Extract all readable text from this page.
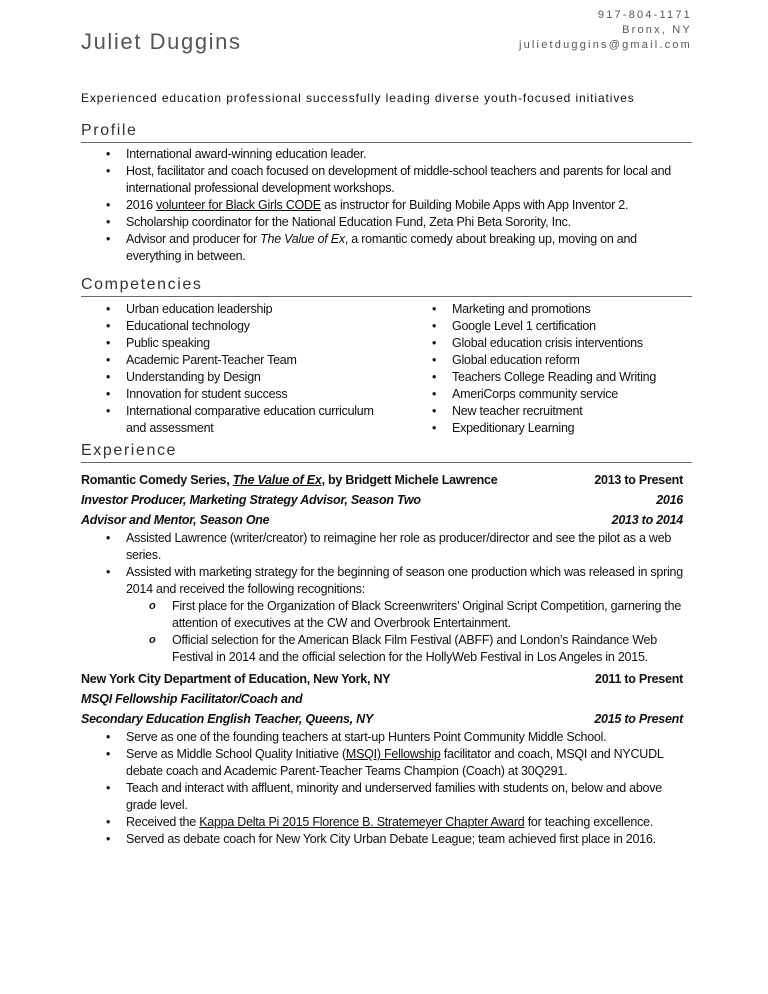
917-804-1171
Bronx, NY
julietduggins@gmail.com
Juliet Duggins
Experienced education professional successfully leading diverse youth-focused initiatives
Profile
• International award-winning education leader.
• Host, facilitator and coach focused on development of middle-school teachers and parents for local and international professional development workshops.
• 2016 volunteer for Black Girls CODE as instructor for Building Mobile Apps with App Inventor 2.
• Scholarship coordinator for the National Education Fund, Zeta Phi Beta Sorority, Inc.
• Advisor and producer for The Value of Ex, a romantic comedy about breaking up, moving on and everything in between.
Competencies
• Urban education leadership
• Educational technology
• Public speaking
• Academic Parent-Teacher Team
• Understanding by Design
• Innovation for student success
• International comparative education curriculum and assessment
• Marketing and promotions
• Google Level 1 certification
• Global education crisis interventions
• Global education reform
• Teachers College Reading and Writing
• AmeriCorps community service
• New teacher recruitment
• Expeditionary Learning
Experience
Romantic Comedy Series, The Value of Ex, by Bridgett Michele Lawrence	2013 to Present
Investor Producer, Marketing Strategy Advisor, Season Two	2016
Advisor and Mentor, Season One	2013 to 2014
• Assisted Lawrence (writer/creator) to reimagine her role as producer/director and see the pilot as a web series.
• Assisted with marketing strategy for the beginning of season one production which was released in spring 2014 and received the following recognitions:
o First place for the Organization of Black Screenwriters’ Original Script Competition, garnering the attention of executives at the CW and Overbrook Entertainment.
o Official selection for the American Black Film Festival (ABFF) and London’s Raindance Web Festival in 2014 and the official selection for the HollyWeb Festival in Los Angeles in 2015.
New York City Department of Education, New York, NY	2011 to Present
MSQI Fellowship Facilitator/Coach and
Secondary Education English Teacher, Queens, NY	2015 to Present
• Serve as one of the founding teachers at start-up Hunters Point Community Middle School.
• Serve as Middle School Quality Initiative (MSQI) Fellowship facilitator and coach, MSQI and NYCUDL debate coach and Academic Parent-Teacher Teams Champion (Coach) at 30Q291.
• Teach and interact with affluent, minority and underserved families with students on, below and above grade level.
• Received the Kappa Delta Pi 2015 Florence B. Stratemeyer Chapter Award for teaching excellence.
• Served as debate coach for New York City Urban Debate League; team achieved first place in 2016.
